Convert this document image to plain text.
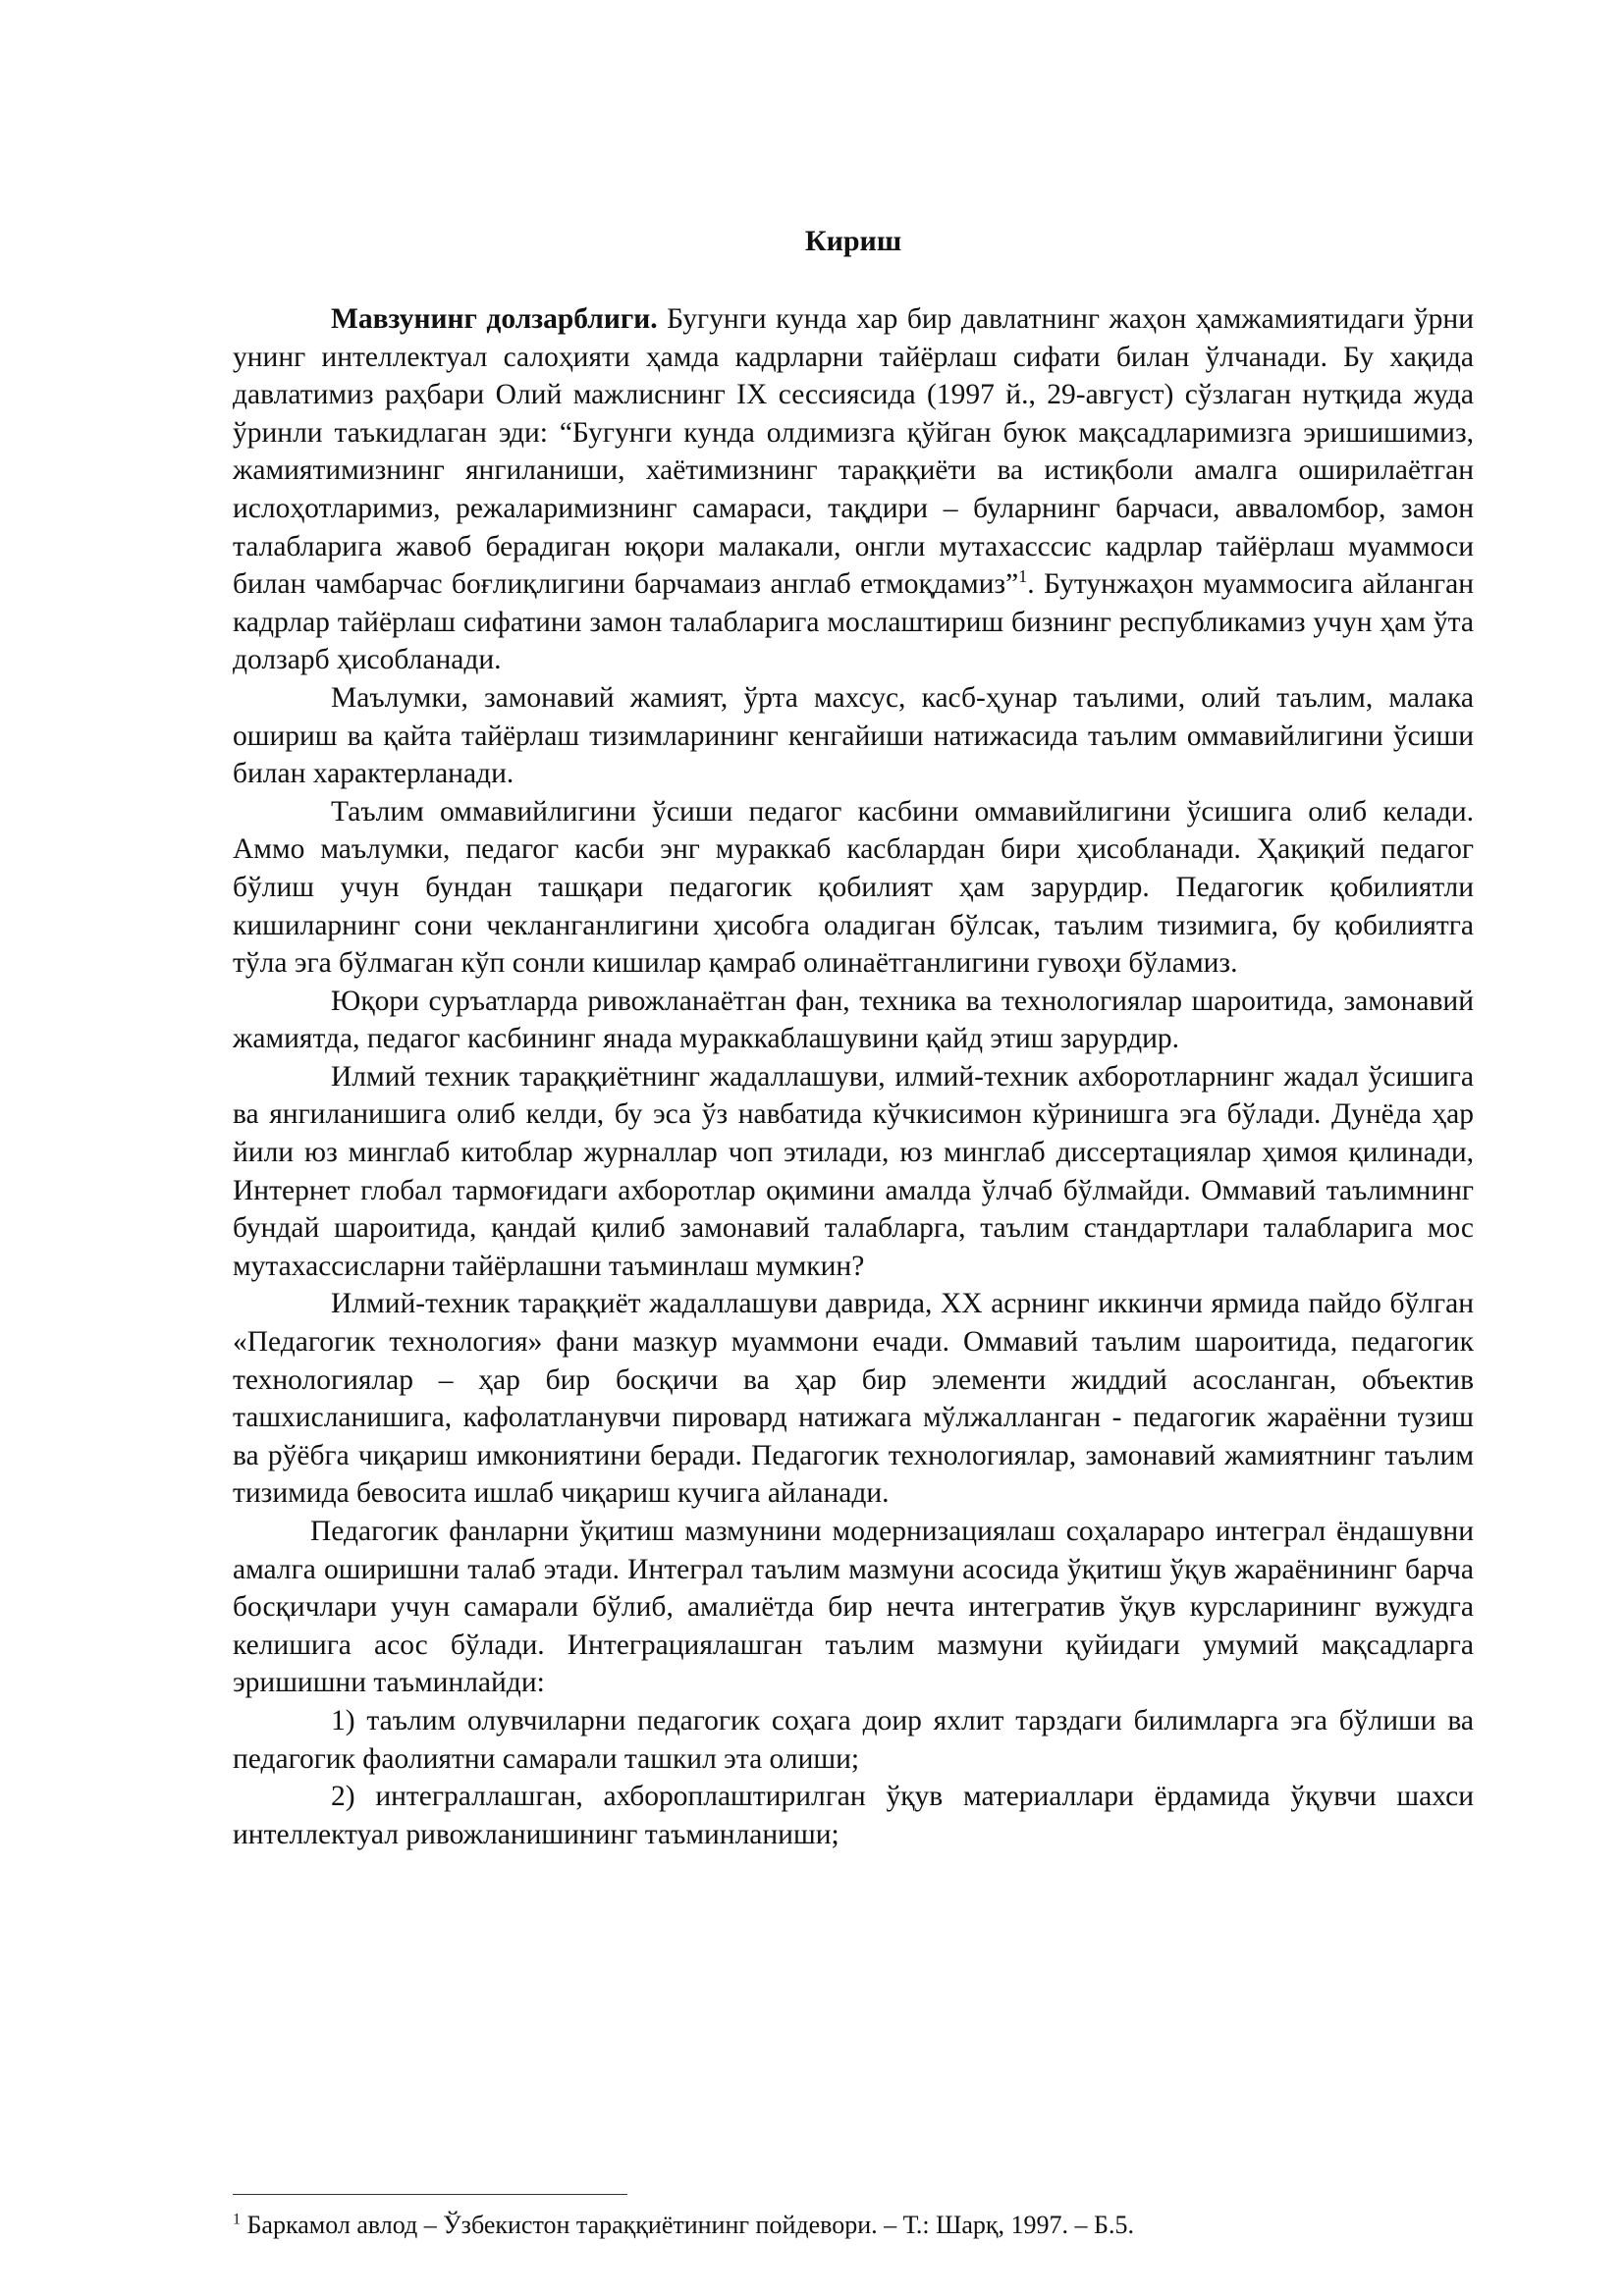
Кириш

Мавзунинг долзарблиги. Бугунги кунда хар бир давлатнинг жаҳон ҳамжамиятидаги ўрни унинг интеллектуал салоҳияти ҳамда кадрларни тайёрлаш сифати билан ўлчанади. Бу хақида давлатимиз раҳбари Олий мажлиснинг IX сессиясида (1997 й., 29-август) сўзлаган нутқида жуда ўринли таъкидлаган эди: “Бугунги кунда олдимизга қўйган буюк мақсадларимизга эришишимиз, жамиятимизнинг янгиланиши, хаётимизнинг тараққиёти ва истиқболи амалга оширилаётган ислоҳотларимиз, режаларимизнинг самараси, тақдири – буларнинг барчаси, авваломбор, замон талабларига жавоб берадиган юқори малакали, онгли мутахасссис кадрлар тайёрлаш муаммоси билан чамбарчас боғлиқлигини барчамаиз англаб етмоқдамиз”$^1$. Бутунжаҳон муаммосига айланган кадрлар тайёрлаш сифатини замон талабларига мослаштириш бизнинг республикамиз учун ҳам ўта долзарб ҳисобланади.

Маълумки, замонавий жамият, ўрта махсус, касб-ҳунар таълими, олий таълим, малака ошириш ва қайта тайёрлаш тизимларининг кенгайиши натижасида таълим оммавийлигини ўсиши билан характерланади.

Таълим оммавийлигини ўсиши педагог касбини оммавийлигини ўсишига олиб келади. Аммо маълумки, педагог касби энг мураккаб касблардан бири ҳисобланади. Ҳақиқий педагог бўлиш учун бундан ташқари педагогик қобилият ҳам зарурдир. Педагогик қобилиятли кишиларнинг сони чекланганлигини ҳисобга оладиган бўлсак, таълим тизимига, бу қобилиятга тўла эга бўлмаган кўп сонли кишилар қамраб олинаётганлигини гувоҳи бўламиз.

Юқори суръатларда ривожланаётган фан, техника ва технологиялар шароитида, замонавий жамиятда, педагог касбининг янада мураккаблашувини қайд этиш зарурдир.

Илмий техник тараққиётнинг жадаллашуви, илмий-техник ахборотларнинг жадал ўсишига ва янгиланишига олиб келди, бу эса ўз навбатида кўчкисимон кўринишга эга бўлади. Дунёда ҳар йили юз минглаб китоблар журналлар чоп этилади, юз минглаб диссертациялар ҳимоя қилинади, Интернет глобал тармоғидаги ахборотлар оқимини амалда ўлчаб бўлмайди. Оммавий таълимнинг бундай шароитида, қандай қилиб замонавий талабларга, таълим стандартлари талабларига мос мутахассисларни тайёрлашни таъминлаш мумкин?

Илмий-техник тараққиёт жадаллашуви даврида, XX асрнинг иккинчи ярмида пайдо бўлган «Педагогик технология» фани мазкур муаммони ечади. Оммавий таълим шароитида, педагогик технологиялар – ҳар бир босқичи ва ҳар бир элементи жиддий асосланган, объектив ташхисланишига, кафолатланувчи пировард натижага мўлжалланган - педагогик жараённи тузиш ва рўёбга чиқариш имкониятини беради. Педагогик технологиялар, замонавий жамиятнинг таълим тизимида бевосита ишлаб чиқариш кучига айланади.

Педагогик фанларни ўқитиш мазмунини модернизациялаш соҳалараро интеграл ёндашувни амалга оширишни талаб этади. Интеграл таълим мазмуни асосида ўқитиш ўқув жараёнининг барча босқичлари учун самарали бўлиб, амалиётда бир нечта интегратив ўқув курсларининг вужудга келишига асос бўлади. Интеграциялашган таълим мазмуни қуйидаги умумий мақсадларга эришишни таъминлайди:

1) таълим олувчиларни педагогик соҳага доир яхлит тарздаги билимларга эга бўлиши ва педагогик фаолиятни самарали ташкил эта олиши;

2) интеграллашган, ахбороплаштирилган ўқув материаллари ёрдамида ўқувчи шахси интеллектуал ривожланишининг таъминланиши;

$^1$ Баркамол авлод – Ўзбекистон тараққиётининг пойдевори. – Т.: Шарқ, 1997. – Б.5.
